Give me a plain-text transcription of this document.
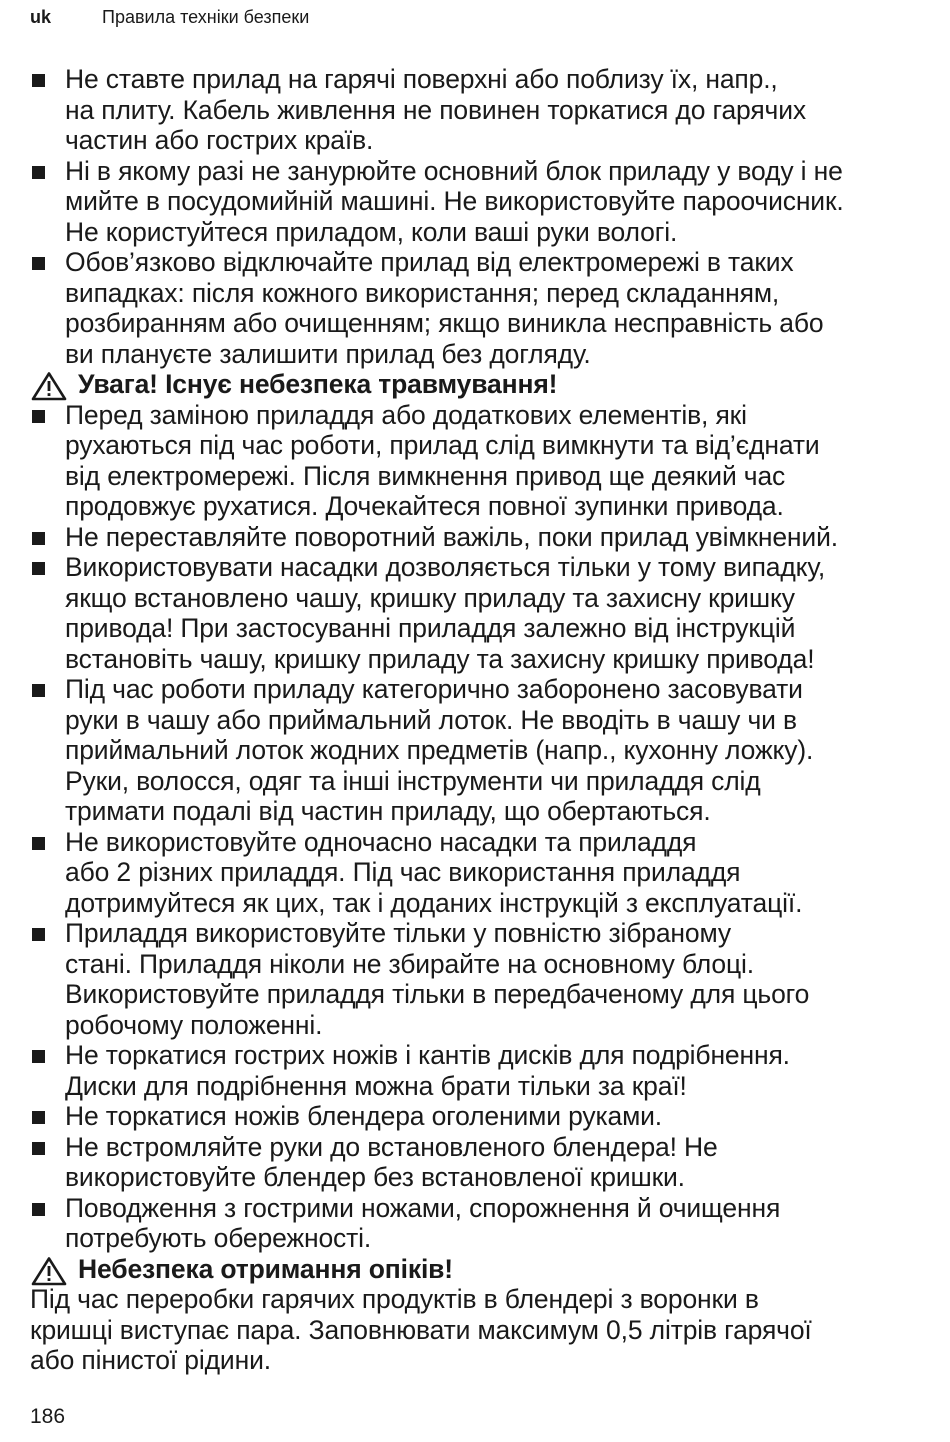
uk	Правила техніки безпеки
Не ставте прилад на гарячі поверхні або поблизу їх, напр.,
на плиту. Кабель живлення не повинен торкатися до гарячих
частин або гострих країв.
Ні в якому разі не занурюйте основний блок приладу у воду і не
мийте в посудомийній машині. Не використовуйте пароочисник.
Не користуйтеся приладом, коли ваші руки вологі.
Обов’язково відключайте прилад від електромережі в таких
випадках: після кожного використання; перед складанням,
розбиранням або очищенням; якщо виникла несправність або
ви плануєте залишити прилад без догляду.
Увага! Існує небезпека травмування!
Перед заміною приладдя або додаткових елементів, які
рухаються під час роботи, прилад слід вимкнути та від’єднати
від електромережі. Після вимкнення привод ще деякий час
продовжує рухатися. Дочекайтеся повної зупинки привода.
Не переставляйте поворотний важіль, поки прилад увімкнений.
Використовувати насадки дозволяється тільки у тому випадку,
якщо встановлено чашу, кришку приладу та захисну кришку
привода! При застосуванні приладдя залежно від інструкцій
встановіть чашу, кришку приладу та захисну кришку привода!
Під час роботи приладу категорично заборонено засовувати
руки в чашу або приймальний лоток. Не вводіть в чашу чи в
приймальний лоток жодних предметів (напр., кухонну ложку).
Руки, волосся, одяг та інші інструменти чи приладдя слід
тримати подалі від частин приладу, що обертаються.
Не використовуйте одночасно насадки та приладдя
або 2 різних приладдя. Під час використання приладдя
дотримуйтеся як цих, так і доданих інструкцій з експлуатації.
Приладдя використовуйте тільки у повністю зібраному
стані. Приладдя ніколи не збирайте на основному блоці.
Використовуйте приладдя тільки в передбаченому для цього
робочому положенні.
Не торкатися гострих ножів і кантів дисків для подрібнення.
Диски для подрібнення можна брати тільки за краї!
Не торкатися ножів блендера оголеними руками.
Не встромляйте руки до встановленого блендера! Не
використовуйте блендер без встановленої кришки.
Поводження з гострими ножами, спорожнення й очищення
потребують обережності.
Небезпека отримання опіків!
Під час переробки гарячих продуктів в блендері з воронки в
кришці виступає пара. Заповнювати максимум 0,5 літрів гарячої
або пінистої рідини.
186
